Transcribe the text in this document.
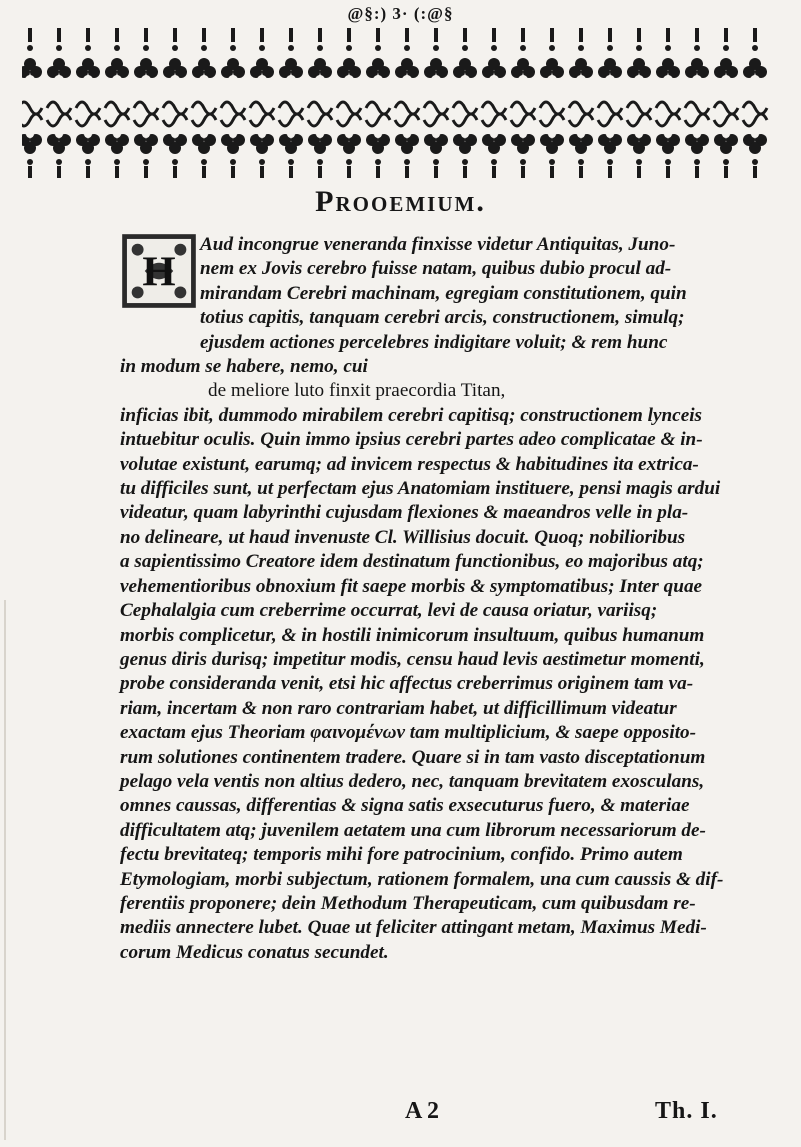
@§:) 3· (:@§
Prooemium.
H
Aud incongrue veneranda finxisse videtur Antiquitas, Juno-
nem ex Jovis cerebro fuisse natam, quibus dubio procul ad-
mirandam Cerebri machinam, egregiam constitutionem, quin
totius capitis, tanquam cerebri arcis, constructionem, simulq;
ejusdem actiones percelebres indigitare voluit; & rem hunc
in modum se habere, nemo, cui
de meliore luto finxit praecordia Titan,
inficias ibit, dummodo mirabilem cerebri capitisq; constructionem lynceis
intuebitur oculis. Quin immo ipsius cerebri partes adeo complicatae & in-
volutae existunt, earumq; ad invicem respectus & habitudines ita extrica-
tu difficiles sunt, ut perfectam ejus Anatomiam instituere, pensi magis ardui
videatur, quam labyrinthi cujusdam flexiones & maeandros velle in pla-
no delineare, ut haud invenuste Cl. Willisius docuit. Quoq; nobilioribus
a sapientissimo Creatore idem destinatum functionibus, eo majoribus atq;
vehementioribus obnoxium fit saepe morbis & symptomatibus; Inter quae
Cephalalgia cum creberrime occurrat, levi de causa oriatur, variisq;
morbis complicetur, & in hostili inimicorum insultuum, quibus humanum
genus diris durisq; impetitur modis, censu haud levis aestimetur momenti,
probe consideranda venit, etsi hic affectus creberrimus originem tam va-
riam, incertam & non raro contrariam habet, ut difficillimum videatur
exactam ejus Theoriam φαινομένων tam multiplicium, & saepe opposito-
rum solutiones continentem tradere. Quare si in tam vasto disceptationum
pelago vela ventis non altius dedero, nec, tanquam brevitatem exosculans,
omnes caussas, differentias & signa satis exsecuturus fuero, & materiae
difficultatem atq; juvenilem aetatem una cum librorum necessariorum de-
fectu brevitateq; temporis mihi fore patrocinium, confido. Primo autem
Etymologiam, morbi subjectum, rationem formalem, una cum caussis & dif-
ferentiis proponere; dein Methodum Therapeuticam, cum quibusdam re-
mediis annectere lubet. Quae ut feliciter attingant metam, Maximus Medi-
corum Medicus conatus secundet.
A 2	Th. I.
